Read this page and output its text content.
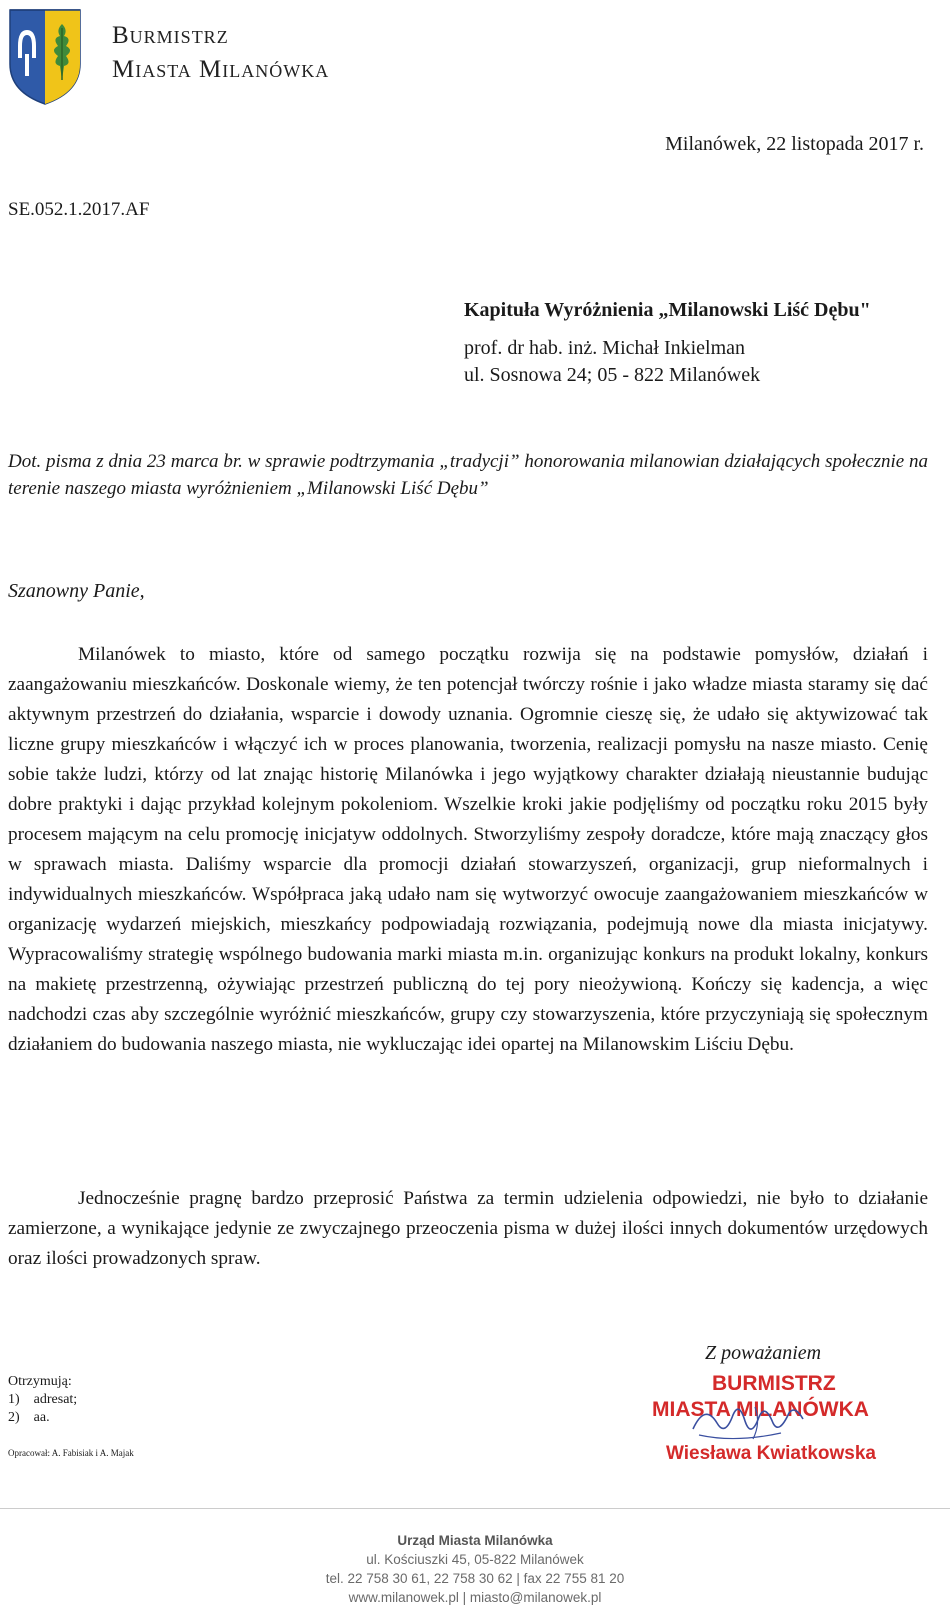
Burmistrz
Miasta Milanówka
Milanówek, 22 listopada 2017 r.
SE.052.1.2017.AF
Kapituła Wyróżnienia „Milanowski Liść Dębu"
prof. dr hab. inż. Michał Inkielman
ul. Sosnowa 24; 05 - 822 Milanówek
Dot. pisma z dnia 23 marca br. w sprawie podtrzymania „tradycji” honorowania milanowian działających społecznie na terenie naszego miasta wyróżnieniem „Milanowski Liść Dębu”
Szanowny Panie,
Milanówek to miasto, które od samego początku rozwija się na podstawie pomysłów, działań i zaangażowaniu mieszkańców. Doskonale wiemy, że ten potencjał twórczy rośnie i jako władze miasta staramy się dać aktywnym przestrzeń do działania, wsparcie i dowody uznania. Ogromnie cieszę się, że udało się aktywizować tak liczne grupy mieszkańców i włączyć ich w proces planowania, tworzenia, realizacji pomysłu na nasze miasto. Cenię sobie także ludzi, którzy od lat znając historię Milanówka i jego wyjątkowy charakter działają nieustannie budując dobre praktyki i dając przykład kolejnym pokoleniom. Wszelkie kroki jakie podjęliśmy od początku roku 2015 były procesem mającym na celu promocję inicjatyw oddolnych. Stworzyliśmy zespoły doradcze, które mają znaczący głos w sprawach miasta. Daliśmy wsparcie dla promocji działań stowarzyszeń, organizacji, grup nieformalnych i indywidualnych mieszkańców. Współpraca jaką udało nam się wytworzyć owocuje zaangażowaniem mieszkańców w organizację wydarzeń miejskich, mieszkańcy podpowiadają rozwiązania, podejmują nowe dla miasta inicjatywy. Wypracowaliśmy strategię wspólnego budowania marki miasta m.in. organizując konkurs na produkt lokalny, konkurs na makietę przestrzenną, ożywiając przestrzeń publiczną do tej pory nieożywioną. Kończy się kadencja, a więc nadchodzi czas aby szczególnie wyróżnić mieszkańców, grupy czy stowarzyszenia, które przyczyniają się społecznym działaniem do budowania naszego miasta, nie wykluczając idei opartej na Milanowskim Liściu Dębu.
Jednocześnie pragnę bardzo przeprosić Państwa za termin udzielenia odpowiedzi, nie było to działanie zamierzone, a wynikające jedynie ze zwyczajnego przeoczenia pisma w dużej ilości innych dokumentów urzędowych oraz ilości prowadzonych spraw.
Z poważaniem
Otrzymują:
1)    adresat;
2)    aa.
Opracował: A. Fabisiak i A. Majak
BURMISTRZ
MIASTA MILANÓWKA
Wiesława Kwiatkowska
Urząd Miasta Milanówka
ul. Kościuszki 45, 05-822 Milanówek
tel. 22 758 30 61, 22 758 30 62 | fax 22 755 81 20
www.milanowek.pl | miasto@milanowek.pl
